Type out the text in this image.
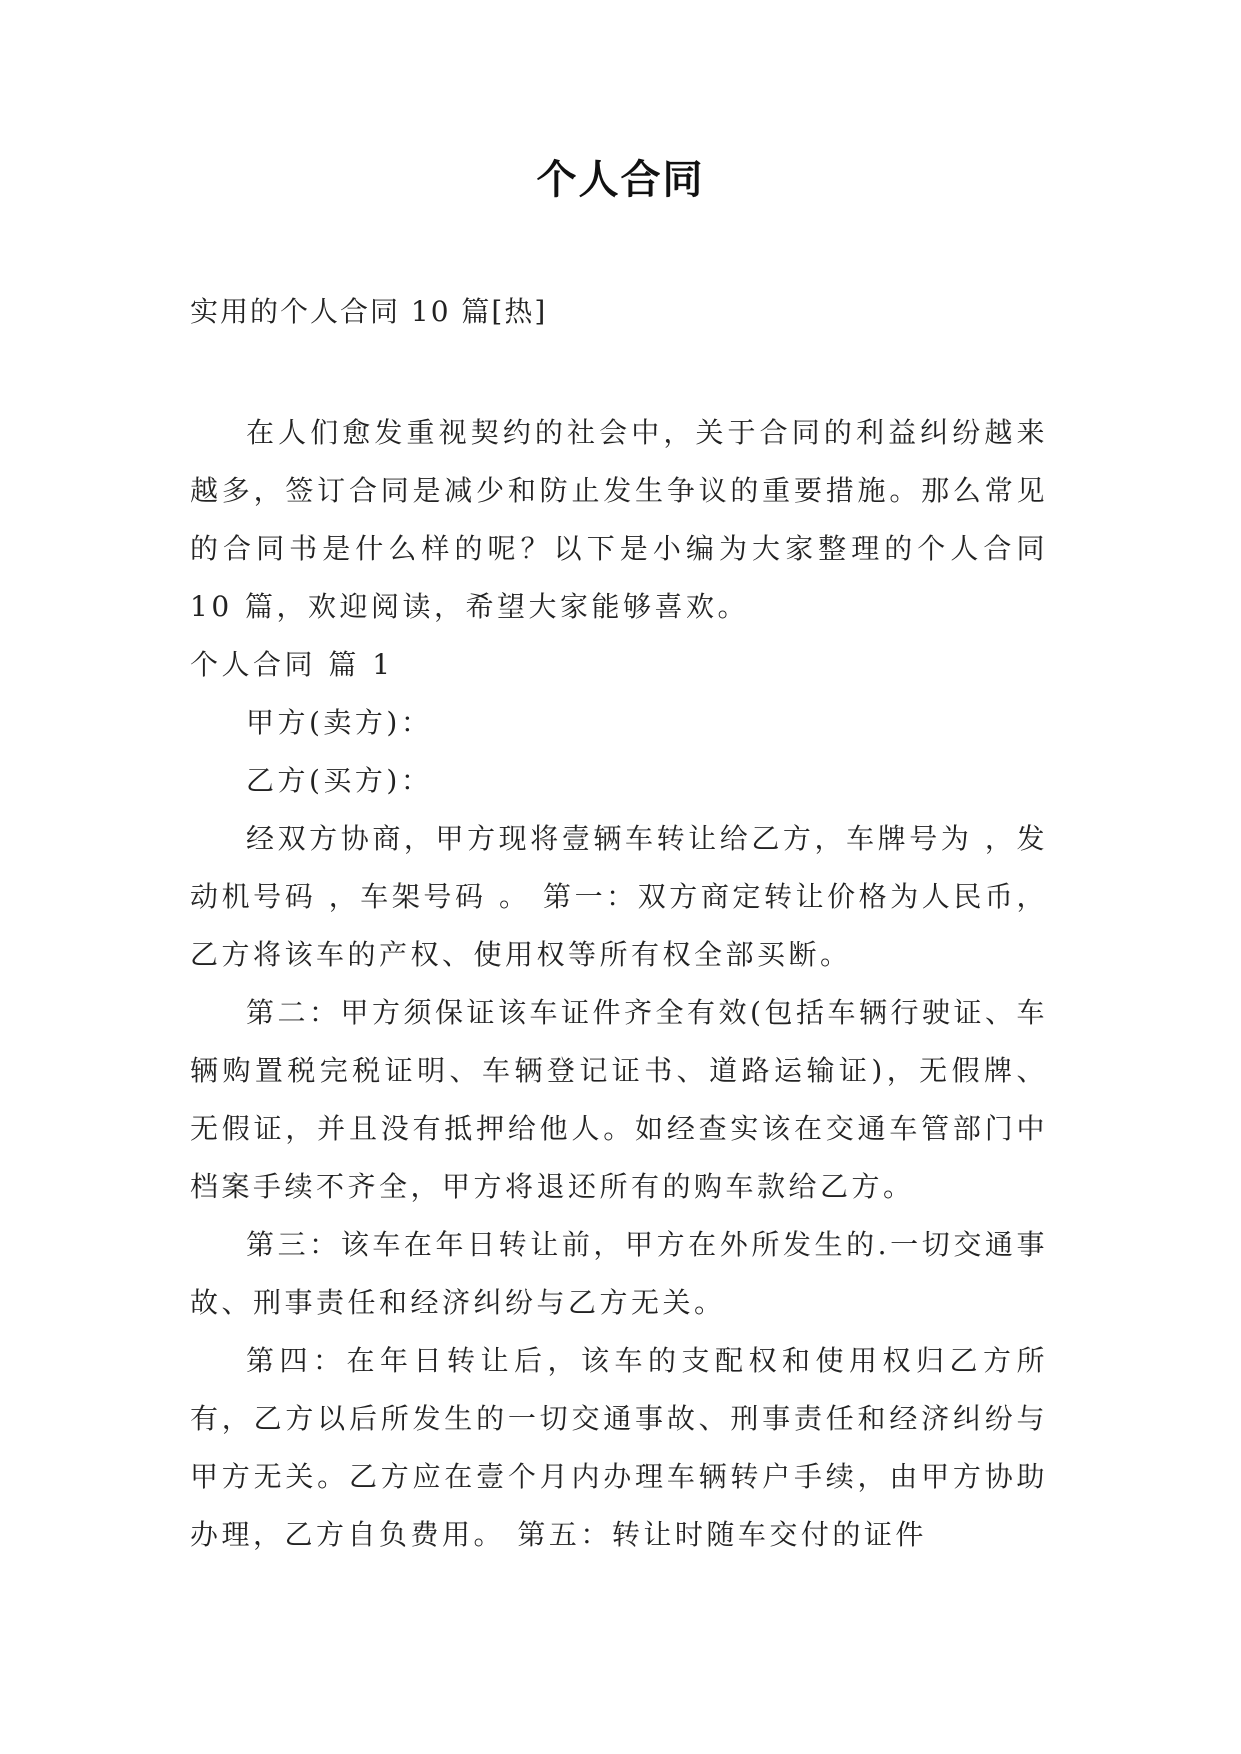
个人合同
实用的个人合同 10 篇[热]

在人们愈发重视契约的社会中，关于合同的利益纠纷越来越多，签订合同是减少和防止发生争议的重要措施。那么常见的合同书是什么样的呢？以下是小编为大家整理的个人合同 10 篇，欢迎阅读，希望大家能够喜欢。

个人合同 篇 1

甲方(卖方)：

乙方(买方)：

经双方协商，甲方现将壹辆车转让给乙方，车牌号为 ，发动机号码 ，车架号码 。 第一：双方商定转让价格为人民币，乙方将该车的产权、使用权等所有权全部买断。

第二：甲方须保证该车证件齐全有效(包括车辆行驶证、车辆购置税完税证明、车辆登记证书、道路运输证)，无假牌、无假证，并且没有抵押给他人。如经查实该在交通车管部门中档案手续不齐全，甲方将退还所有的购车款给乙方。

第三：该车在年日转让前，甲方在外所发生的.一切交通事故、刑事责任和经济纠纷与乙方无关。

第四：在年日转让后，该车的支配权和使用权归乙方所有，乙方以后所发生的一切交通事故、刑事责任和经济纠纷与甲方无关。乙方应在壹个月内办理车辆转户手续，由甲方协助办理，乙方自负费用。 第五：转让时随车交付的证件
